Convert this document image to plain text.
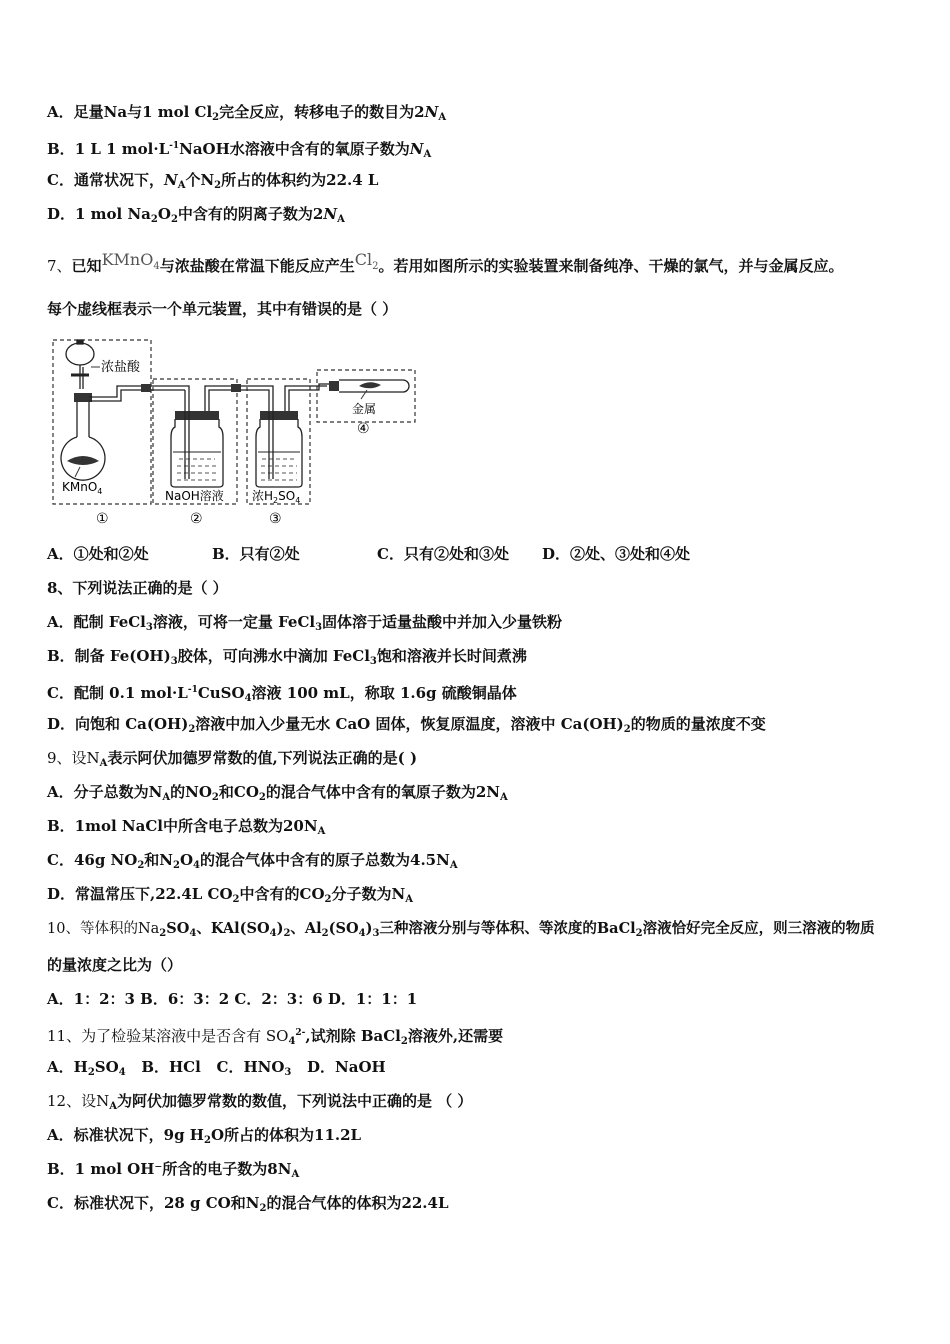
A．足量Na与1 mol $Cl_2$完全反应，转移电子的数目为$2N_A$
B．1 L 1 $mol\cdot L^{-1}NaOH$水溶液中含有的氧原子数为$N_A$
C．通常状况下，$N_A$个$N_2$所占的体积约为22.4 L
D．1 mol $Na_2O_2$中含有的阴离子数为$2N_A$
7、已知KMnO4与浓盐酸在常温下能反应产生Cl2。若用如图所示的实验装置来制备纯净、干燥的氯气，并与金属反应。
每个虚线框表示一个单元装置，其中有错误的是（ ）
浓盐酸
KMnO$_4$	NaOH溶液 浓$H_2SO_4$
金属
①	②	③
④
A．①处和②处	B．只有②处	C．只有②处和③处 D．②处、③处和④处
8、下列说法正确的是（ ）
A．配制 FeCl$_3$溶液，可将一定量 FeCl$_3$固体溶于适量盐酸中并加入少量铁粉
B．制备 $Fe(OH)_3$胶体，可向沸水中滴加 FeCl$_3$饱和溶液并长时间煮沸
C．配制 0.1 $mol\cdot L^{-1}CuSO_4$溶液 100 mL，称取 1.6g 硫酸铜晶体
D．向饱和 $Ca(OH)_2$溶液中加入少量无水 CaO 固体，恢复原温度，溶液中 $Ca(OH)_2$的物质的量浓度不变
9、设$N_A$表示阿伏加德罗常数的值,下列说法正确的是( )
A．分子总数为$N_A$的$NO_2$和$CO_2$的混合气体中含有的氧原子数为$2N_A$
B．1mol NaCl中所含电子总数为$20N_A$
C．46g $NO_2$和$N_2O_4$的混合气体中含有的原子总数为$4.5N_A$
D．常温常压下,22.4L $CO_2$中含有的$CO_2$分子数为$N_A$
10、等体积的$Na_2SO_4$、$KAl(SO_4)_2$、$Al_2(SO_4)_3$三种溶液分别与等体积、等浓度的BaCl$_2$溶液恰好完全反应，则三溶液的物质
的量浓度之比为（）
A．1：2：3 B．6：3：2 C．2：3：6 D．1：1：1
11、为了检验某溶液中是否含有 $SO_4^{2-}$,试剂除 BaCl$_2$溶液外,还需要
A．$H_2SO_4$ B．HCl C．$HNO_3$ D．NaOH
12、设$N_A$为阿伏加德罗常数的数值，下列说法中正确的是 （ ）
A．标准状况下，9g $H_2O$所占的体积为11.2L
B．1 mol OH⁻所含的电子数为$8N_A$
C．标准状况下，28 g CO和$N_2$的混合气体的体积为22.4L
